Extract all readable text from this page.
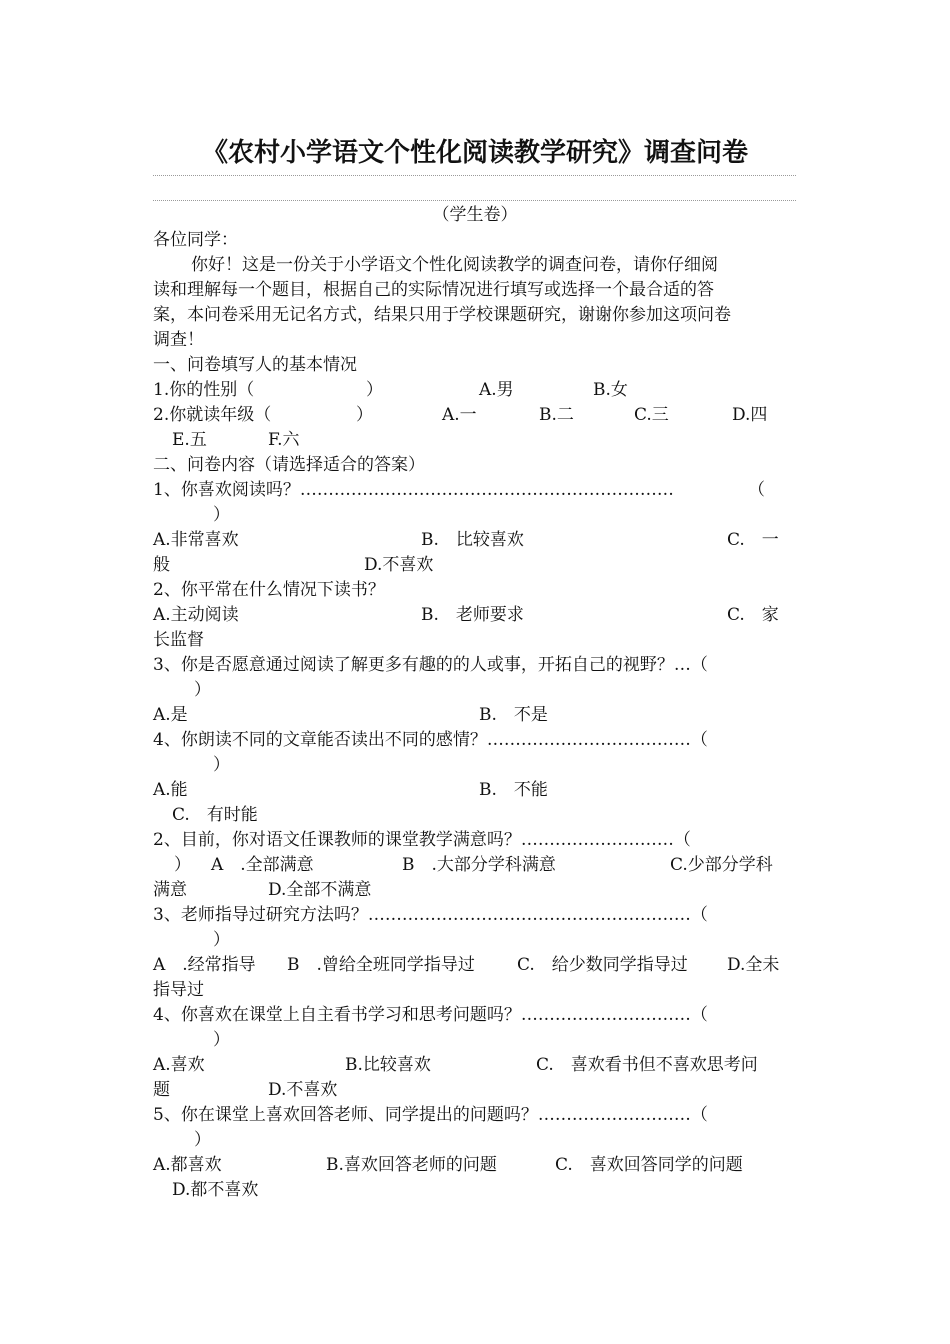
《农村小学语文个性化阅读教学研究》调查问卷
（学生卷）
各位同学：
你好！这是一份关于小学语文个性化阅读教学的调查问卷，请你仔细阅
读和理解每一个题目，根据自己的实际情况进行填写或选择一个最合适的答
案，本问卷采用无记名方式，结果只用于学校课题研究，谢谢你参加这项问卷
调查！
一、问卷填写人的基本情况
1.你的性别（	）	A.男	B.女
2.你就读年级（	）	A.一	B.二	C.三	D.四
E.五	F.六
二、问卷内容（请选择适合的答案）
1、你喜欢阅读吗？…………………………………………………………	（
）
A.非常喜欢	B.　比较喜欢	C.　一
般	D.不喜欢
2、你平常在什么情况下读书？
A.主动阅读	B.　老师要求	C.　家
长监督
3、你是否愿意通过阅读了解更多有趣的的人或事，开拓自己的视野？…（
）
A.是	B.　不是
4、你朗读不同的文章能否读出不同的感情？………………………………（
）
A.能	B.　不能
C.　有时能
2、目前，你对语文任课教师的课堂教学满意吗？………………………（
） A　.全部满意	B　.大部分学科满意	C.少部分学科
满意	D.全部不满意
3、老师指导过研究方法吗？…………………………………………………（
）
A　.经常指导 B　.曾给全班同学指导过 C.　给少数同学指导过 D.全未
指导过
4、你喜欢在课堂上自主看书学习和思考问题吗？…………………………（
）
A.喜欢	B.比较喜欢	C.　喜欢看书但不喜欢思考问
题	D.不喜欢
5、你在课堂上喜欢回答老师、同学提出的问题吗？………………………（
）
A.都喜欢	B.喜欢回答老师的问题	C.　喜欢回答同学的问题
D.都不喜欢
